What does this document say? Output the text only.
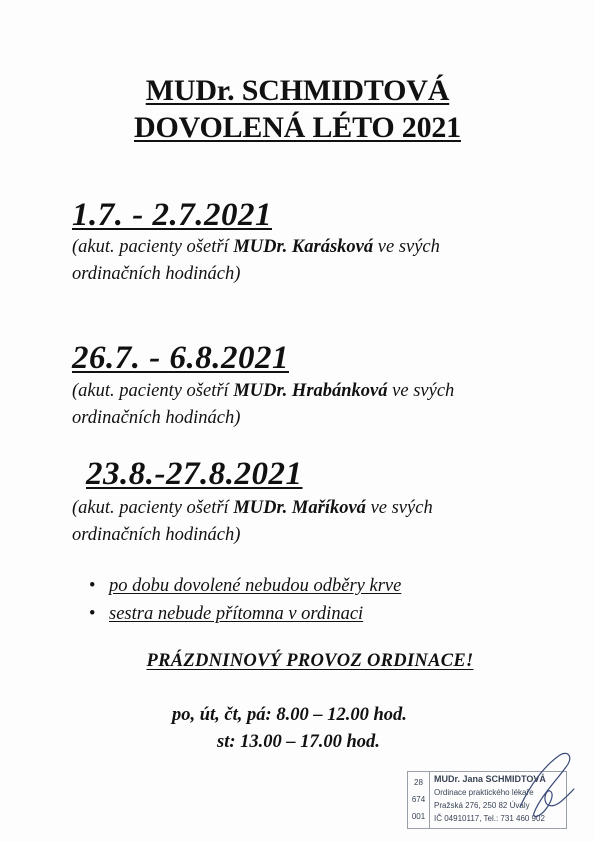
MUDr. SCHMIDTOVÁ
DOVOLENÁ LÉTO 2021
1.7. - 2.7.2021
(akut. pacienty ošetří MUDr. Karásková ve svých
ordinačních hodinách)
26.7. - 6.8.2021
(akut. pacienty ošetří MUDr. Hrabánková ve svých
ordinačních hodinách)
23.8.-27.8.2021
(akut. pacienty ošetří MUDr. Maříková ve svých
ordinačních hodinách)
• po dobu dovolené nebudou odběry krve
• sestra nebude přítomna v ordinaci
PRÁZDNINOVÝ PROVOZ ORDINACE!
po, út, čt, pá: 8.00 – 12.00 hod.
st: 13.00 – 17.00 hod.
28
674
001
MUDr. Jana SCHMIDTOVÁ
Ordinace praktického lékaře
Pražská 276, 250 82 Úvaly
IČ 04910117, Tel.: 731 460 902
